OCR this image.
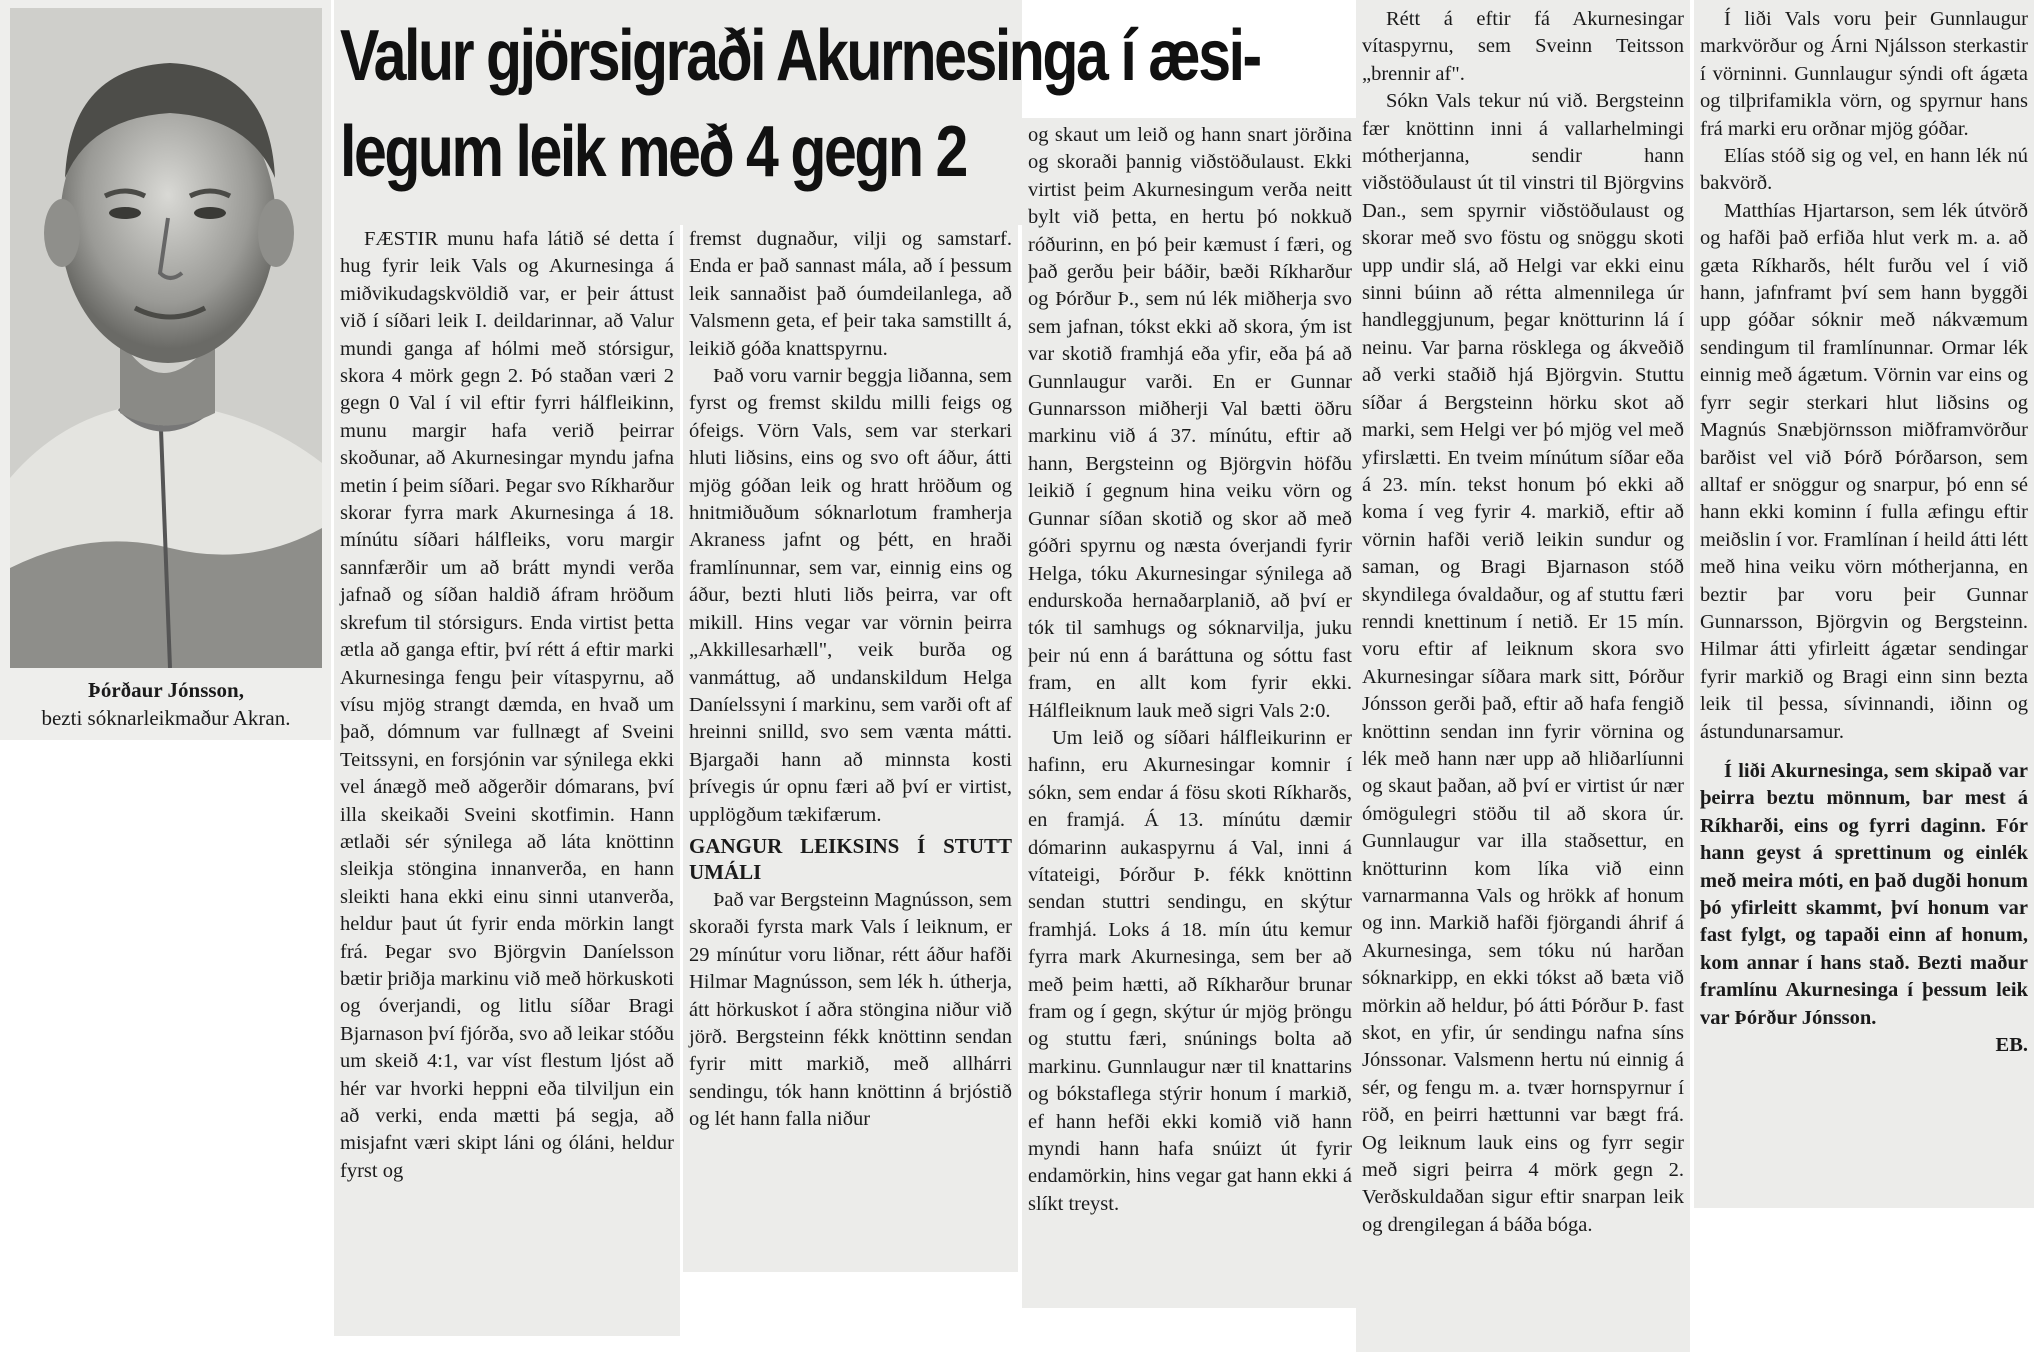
Þórðaur Jónsson,
bezti sóknarleikmaður Akran.
Valur gjörsigraði Akurnesinga í æsi-
legum leik með 4 gegn 2

FÆSTIR munu hafa látið sé detta í hug fyrir leik Vals og Akurnesinga á miðvikudagskvöldið var, er þeir áttust við í síðari leik I. deildarinnar, að Valur mundi ganga af hólmi með stórsigur, skora 4 mörk gegn 2. Þó staðan væri 2 gegn 0 Val í vil eftir fyrri hálfleikinn, munu margir hafa verið þeirrar skoðunar, að Akurnesingar myndu jafna metin í þeim síðari. Þegar svo Ríkharður skorar fyrra mark Akurnesinga á 18. mínútu síðari hálfleiks, voru margir sannfærðir um að brátt myndi verða jafnað og síðan haldið áfram hröðum skrefum til stórsigurs. Enda virtist þetta ætla að ganga eftir, því rétt á eftir marki Akurnesinga fengu þeir vítaspyrnu, að vísu mjög strangt dæmda, en hvað um það, dómnum var fullnægt af Sveini Teitssyni, en forsjónin var sýnilega ekki vel ánægð með aðgerðir dómarans, því illa skeikaði Sveini skotfimin. Hann ætlaði sér sýnilega að láta knöttinn sleikja stöngina innanverða, en hann sleikti hana ekki einu sinni utanverða, heldur þaut út fyrir enda mörkin langt frá. Þegar svo Björgvin Daníelsson bætir þriðja markinu við með hörkuskoti og óverjandi, og litlu síðar Bragi Bjarnason því fjórða, svo að leikar stóðu um skeið 4:1, var víst flestum ljóst að hér var hvorki heppni eða tilviljun ein að verki, enda mætti þá segja, að misjafnt væri skipt láni og óláni, heldur fyrst og

fremst dugnaður, vilji og samstarf. Enda er það sannast mála, að í þessum leik sannaðist það óumdeilanlega, að Valsmenn geta, ef þeir taka samstillt á, leikið góða knattspyrnu.

Það voru varnir beggja liðanna, sem fyrst og fremst skildu milli feigs og ófeigs. Vörn Vals, sem var sterkari hluti liðsins, eins og svo oft áður, átti mjög góðan leik og hratt hröðum og hnitmiðuðum sóknarlotum framherja Akraness jafnt og þétt, en hraði framlínunnar, sem var, einnig eins og áður, bezti hluti liðs þeirra, var oft mikill. Hins vegar var vörnin þeirra „Akkillesarhæll", veik burða og vanmáttug, að undanskildum Helga Daníelssyni í markinu, sem varði oft af hreinni snilld, svo sem vænta mátti. Bjargaði hann að minnsta kosti þrívegis úr opnu færi að því er virtist, upplögðum tækifærum.

GANGUR LEIKSINS Í STUTT UMÁLI

Það var Bergsteinn Magnússon, sem skoraði fyrsta mark Vals í leiknum, er 29 mínútur voru liðnar, rétt áður hafði Hilmar Magnússon, sem lék h. útherja, átt hörkuskot í aðra stöngina niður við jörð. Bergsteinn fékk knöttinn sendan fyrir mitt markið, með allhárri sendingu, tók hann knöttinn á brjóstið og lét hann falla niður

og skaut um leið og hann snart jörðina og skoraði þannig viðstöðulaust. Ekki virtist þeim Akurnesingum verða neitt bylt við þetta, en hertu þó nokkuð róðurinn, en þó þeir kæmust í færi, og það gerðu þeir báðir, bæði Ríkharður og Þórður Þ., sem nú lék miðherja svo sem jafnan, tókst ekki að skora, ým ist var skotið framhjá eða yfir, eða þá að Gunnlaugur varði. En er Gunnar Gunnarsson miðherji Val bætti öðru markinu við á 37. mínútu, eftir að hann, Bergsteinn og Björgvin höfðu leikið í gegnum hina veiku vörn og Gunnar síðan skotið og skor að með góðri spyrnu og næsta óverjandi fyrir Helga, tóku Akurnesingar sýnilega að endurskoða hernaðarplanið, að því er tók til samhugs og sóknarvilja, juku þeir nú enn á baráttuna og sóttu fast fram, en allt kom fyrir ekki. Hálfleiknum lauk með sigri Vals 2:0.

Um leið og síðari hálfleikurinn er hafinn, eru Akurnesingar komnir í sókn, sem endar á fösu skoti Ríkharðs, en framjá. Á 13. mínútu dæmir dómarinn aukaspyrnu á Val, inni á vítateigi, Þórður Þ. fékk knöttinn sendan stuttri sendingu, en skýtur framhjá. Loks á 18. mín útu kemur fyrra mark Akurnesinga, sem ber að með þeim hætti, að Ríkharður brunar fram og í gegn, skýtur úr mjög þröngu og stuttu færi, snúnings bolta að markinu. Gunnlaugur nær til knattarins og bókstaflega stýrir honum í markið, ef hann hefði ekki komið við hann myndi hann hafa snúizt út fyrir endamörkin, hins vegar gat hann ekki á slíkt treyst.

Rétt á eftir fá Akurnesingar vítaspyrnu, sem Sveinn Teitsson „brennir af".

Sókn Vals tekur nú við. Bergsteinn fær knöttinn inni á vallarhelmingi mótherjanna, sendir hann viðstöðulaust út til vinstri til Björgvins Dan., sem spyrnir viðstöðulaust og skorar með svo föstu og snöggu skoti upp undir slá, að Helgi var ekki einu sinni búinn að rétta almennilega úr handleggjunum, þegar knötturinn lá í neinu. Var þarna rösklega og ákveðið að verki staðið hjá Björgvin. Stuttu síðar á Bergsteinn hörku skot að marki, sem Helgi ver þó mjög vel með yfirslætti. En tveim mínútum síðar eða á 23. mín. tekst honum þó ekki að koma í veg fyrir 4. markið, eftir að vörnin hafði verið leikin sundur og saman, og Bragi Bjarnason stóð skyndilega óvaldaður, og af stuttu færi renndi knettinum í netið. Er 15 mín. voru eftir af leiknum skora svo Akurnesingar síðara mark sitt, Þórður Jónsson gerði það, eftir að hafa fengið knöttinn sendan inn fyrir vörnina og lék með hann nær upp að hliðarlíunni og skaut þaðan, að því er virtist úr nær ómögulegri stöðu til að skora úr. Gunnlaugur var illa staðsettur, en knötturinn kom líka við einn varnarmanna Vals og hrökk af honum og inn. Markið hafði fjörgandi áhrif á Akurnesinga, sem tóku nú harðan sóknarkipp, en ekki tókst að bæta við mörkin að heldur, þó átti Þórður Þ. fast skot, en yfir, úr sendingu nafna síns Jónssonar. Valsmenn hertu nú einnig á sér, og fengu m. a. tvær hornspyrnur í röð, en þeirri hættunni var bægt frá. Og leiknum lauk eins og fyrr segir með sigri þeirra 4 mörk gegn 2. Verðskuldaðan sigur eftir snarpan leik og drengilegan á báða bóga.

Í liði Vals voru þeir Gunnlaugur markvörður og Árni Njálsson sterkastir í vörninni. Gunnlaugur sýndi oft ágæta og tilþrifamikla vörn, og spyrnur hans frá marki eru orðnar mjög góðar.

Elías stóð sig og vel, en hann lék nú bakvörð.

Matthías Hjartarson, sem lék útvörð og hafði það erfiða hlut verk m. a. að gæta Ríkharðs, hélt furðu vel í við hann, jafnframt því sem hann byggði upp góðar sóknir með nákvæmum sendingum til framlínunnar. Ormar lék einnig með ágætum. Vörnin var eins og fyrr segir sterkari hlut liðsins og Magnús Snæbjörnsson miðframvörður barðist vel við Þórð Þórðarson, sem alltaf er snöggur og snarpur, þó enn sé hann ekki kominn í fulla æfingu eftir meiðslin í vor. Framlínan í heild átti létt með hina veiku vörn mótherjanna, en beztir þar voru þeir Gunnar Gunnarsson, Björgvin og Bergsteinn. Hilmar átti yfirleitt ágætar sendingar fyrir markið og Bragi einn sinn bezta leik til þessa, sívinnandi, iðinn og ástundunarsamur.

Í liði Akurnesinga, sem skipað var þeirra beztu mönnum, bar mest á Ríkharði, eins og fyrri daginn. Fór hann geyst á sprettinum og einlék með meira móti, en það dugði honum þó yfirleitt skammt, því honum var fast fylgt, og tapaði einn af honum, kom annar í hans stað. Bezti maður framlínu Akurnesinga í þessum leik var Þórður Jónsson.

EB.
